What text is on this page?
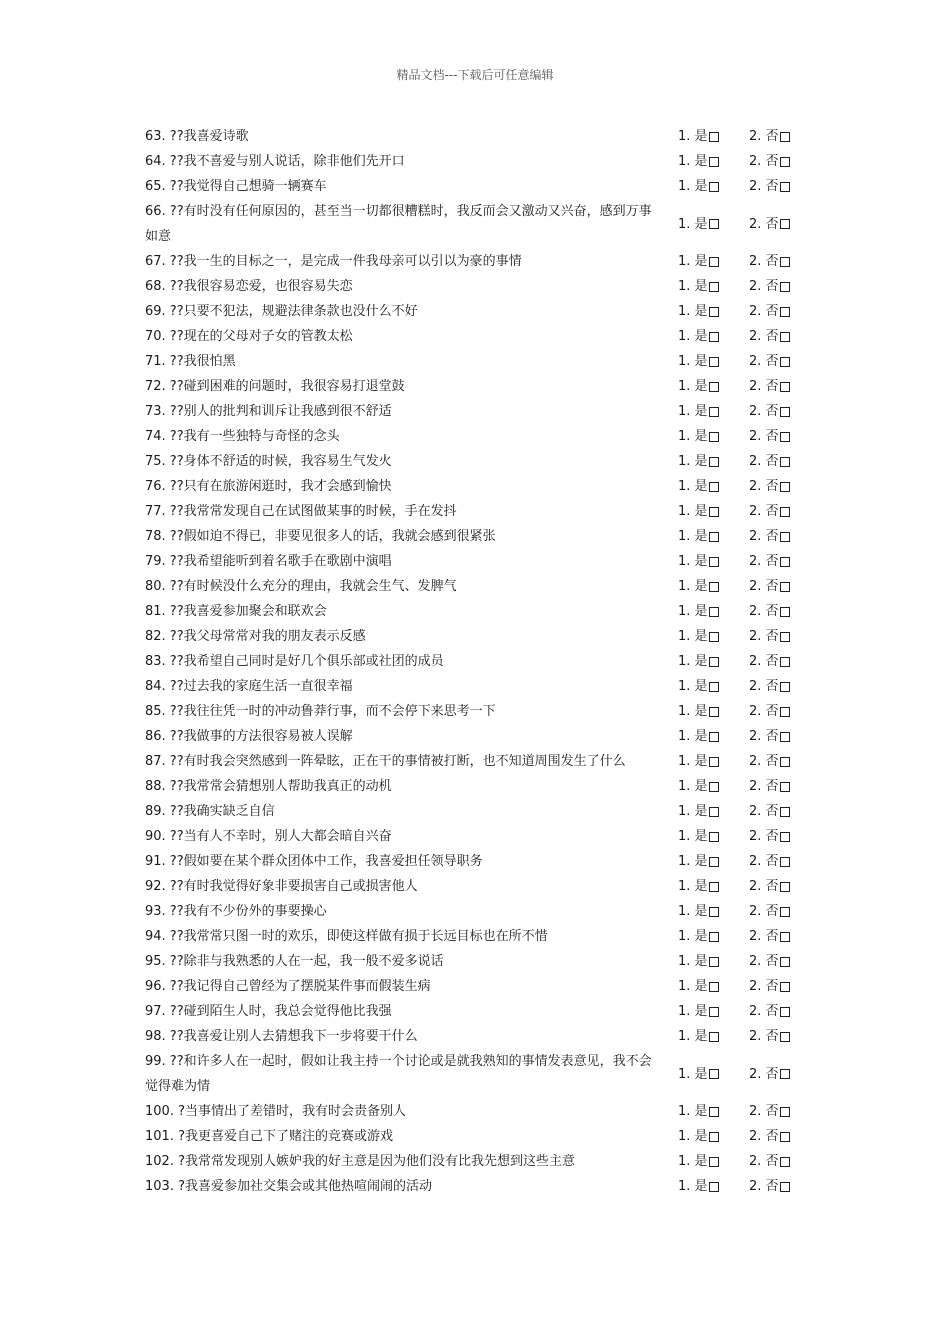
精品文档---下载后可任意编辑
63. ??我喜爱诗歌	1. 是	2. 否
64. ??我不喜爱与别人说话，除非他们先开口	1. 是	2. 否
65. ??我觉得自己想骑一辆赛车	1. 是	2. 否
66. ??有时没有任何原因的，甚至当一切都很糟糕时，我反而会又激动又兴奋，感到万事如意
1. 是	2. 否
67. ??我一生的目标之一，是完成一件我母亲可以引以为豪的事情	1. 是	2. 否
68. ??我很容易恋爱，也很容易失恋	1. 是	2. 否
69. ??只要不犯法，规避法律条款也没什么不好	1. 是	2. 否
70. ??现在的父母对子女的管教太松	1. 是	2. 否
71. ??我很怕黑	1. 是	2. 否
72. ??碰到困难的问题时，我很容易打退堂鼓	1. 是	2. 否
73. ??别人的批判和训斥让我感到很不舒适	1. 是	2. 否
74. ??我有一些独特与奇怪的念头	1. 是	2. 否
75. ??身体不舒适的时候，我容易生气发火	1. 是	2. 否
76. ??只有在旅游闲逛时，我才会感到愉快	1. 是	2. 否
77. ??我常常发现自己在试图做某事的时候，手在发抖	1. 是	2. 否
78. ??假如迫不得已，非要见很多人的话，我就会感到很紧张	1. 是	2. 否
79. ??我希望能听到着名歌手在歌剧中演唱	1. 是	2. 否
80. ??有时候没什么充分的理由，我就会生气、发脾气	1. 是	2. 否
81. ??我喜爱参加聚会和联欢会	1. 是	2. 否
82. ??我父母常常对我的朋友表示反感	1. 是	2. 否
83. ??我希望自己同时是好几个俱乐部或社团的成员	1. 是	2. 否
84. ??过去我的家庭生活一直很幸福	1. 是	2. 否
85. ??我往往凭一时的冲动鲁莽行事，而不会停下来思考一下	1. 是	2. 否
86. ??我做事的方法很容易被人误解	1. 是	2. 否
87. ??有时我会突然感到一阵晕眩，正在干的事情被打断，也不知道周围发生了什么	1. 是	2. 否
88. ??我常常会猜想别人帮助我真正的动机	1. 是	2. 否
89. ??我确实缺乏自信	1. 是	2. 否
90. ??当有人不幸时，别人大都会暗自兴奋	1. 是	2. 否
91. ??假如要在某个群众团体中工作，我喜爱担任领导职务	1. 是	2. 否
92. ??有时我觉得好象非要损害自己或损害他人	1. 是	2. 否
93. ??我有不少份外的事要操心	1. 是	2. 否
94. ??我常常只图一时的欢乐，即使这样做有损于长远目标也在所不惜	1. 是	2. 否
95. ??除非与我熟悉的人在一起，我一般不爱多说话	1. 是	2. 否
96. ??我记得自己曾经为了摆脱某件事而假装生病	1. 是	2. 否
97. ??碰到陌生人时，我总会觉得他比我强	1. 是	2. 否
98. ??我喜爱让别人去猜想我下一步将要干什么	1. 是	2. 否
99. ??和许多人在一起时，假如让我主持一个讨论或是就我熟知的事情发表意见，我不会觉得难为情
1. 是	2. 否
100. ?当事情出了差错时，我有时会责备别人	1. 是	2. 否
101. ?我更喜爱自己下了赌注的竞赛或游戏	1. 是	2. 否
102. ?我常常发现别人嫉妒我的好主意是因为他们没有比我先想到这些主意	1. 是	2. 否
103. ?我喜爱参加社交集会或其他热喧闹闹的活动	1. 是	2. 否
